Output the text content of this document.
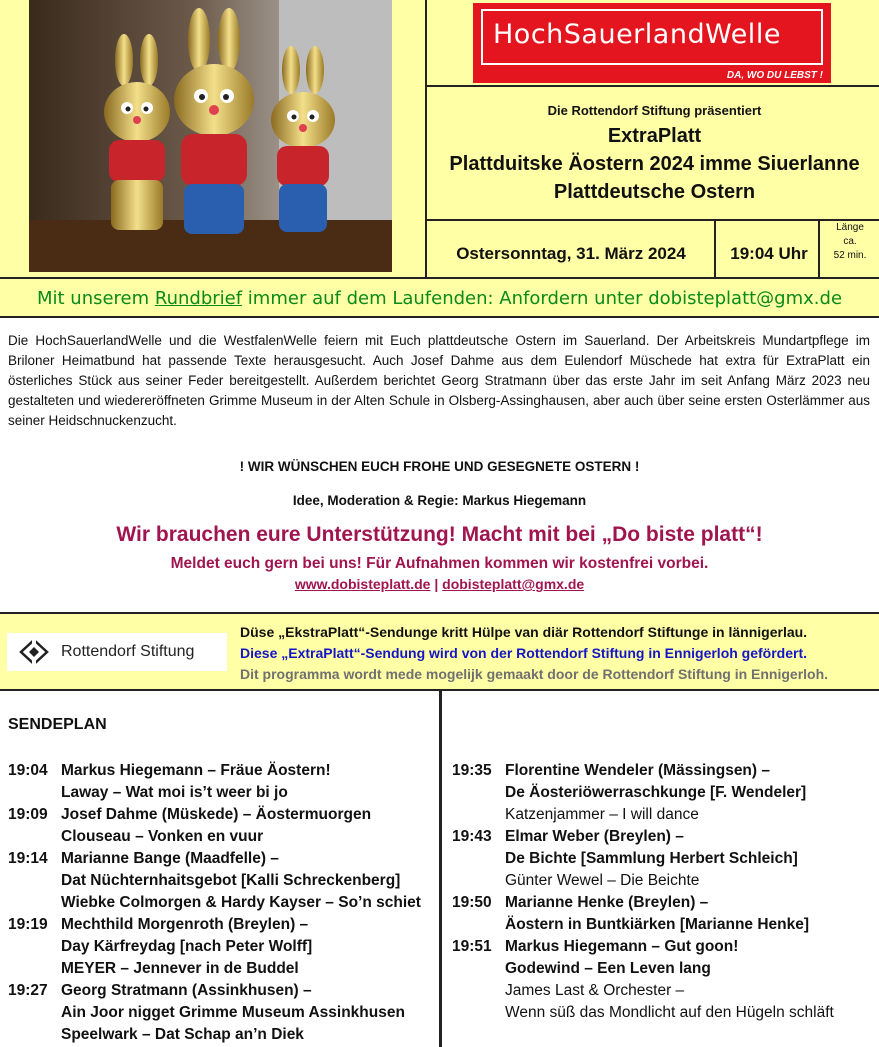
HochSauerlandWelle
DA, WO DU LEBST !
Die Rottendorf Stiftung präsentiert
ExtraPlatt
Plattduitske Äostern 2024 imme Siuerlanne
Plattdeutsche Ostern
Ostersonntag, 31. März 2024	19:04 Uhr
Länge
ca.
52 min.
Mit unserem Rundbrief immer auf dem Laufenden: Anfordern unter dobisteplatt@gmx.de
Die HochSauerlandWelle und die WestfalenWelle feiern mit Euch plattdeutsche Ostern im Sauerland. Der Arbeitskreis Mundartpflege im Briloner Heimatbund hat passende Texte herausgesucht. Auch Josef Dahme aus dem Eulendorf Müschede hat extra für ExtraPlatt ein österliches Stück aus seiner Feder bereitgestellt. Außerdem berichtet Georg Stratmann über das erste Jahr im seit Anfang März 2023 neu gestalteten und wiedereröffneten Grimme Museum in der Alten Schule in Olsberg-Assinghausen, aber auch über seine ersten Osterlämmer aus seiner Heidschnuckenzucht.
! WIR WÜNSCHEN EUCH FROHE UND GESEGNETE OSTERN !
Idee, Moderation & Regie: Markus Hiegemann
Wir brauchen eure Unterstützung! Macht mit bei „Do biste platt“!
Meldet euch gern bei uns! Für Aufnahmen kommen wir kostenfrei vorbei.
www.dobisteplatt.de | dobisteplatt@gmx.de
Rottendorf Stiftung
Düse „EkstraPlatt“-Sendunge kritt Hülpe van diär Rottendorf Stiftunge in lännigerlau.
Diese „ExtraPlatt“-Sendung wird von der Rottendorf Stiftung in Ennigerloh gefördert.
Dit programma wordt mede mogelijk gemaakt door de Rottendorf Stiftung in Ennigerloh.
SENDEPLAN
19:04 Markus Hiegemann – Fräue Äostern!
Laway – Wat moi is’t weer bi jo
19:09 Josef Dahme (Müskede) – Äostermuorgen
Clouseau – Vonken en vuur
19:14 Marianne Bange (Maadfelle) –
Dat Nüchternhaitsgebot [Kalli Schreckenberg]
Wiebke Colmorgen & Hardy Kayser – So’n schiet
19:19 Mechthild Morgenroth (Breylen) –
Day Kärfreydag [nach Peter Wolff]
MEYER – Jennever in de Buddel
19:27 Georg Stratmann (Assinkhusen) –
Ain Joor nigget Grimme Museum Assinkhusen
Speelwark – Dat Schap an’n Diek
19:35 Florentine Wendeler (Mässingsen) –
De Äosteriöwerraschkunge [F. Wendeler]
Katzenjammer – I will dance
19:43 Elmar Weber (Breylen) –
De Bichte [Sammlung Herbert Schleich]
Günter Wewel – Die Beichte
19:50 Marianne Henke (Breylen) –
Äostern in Buntkiärken [Marianne Henke]
19:51 Markus Hiegemann – Gut goon!
Godewind – Een Leven lang
James Last & Orchester –
Wenn süß das Mondlicht auf den Hügeln schläft
